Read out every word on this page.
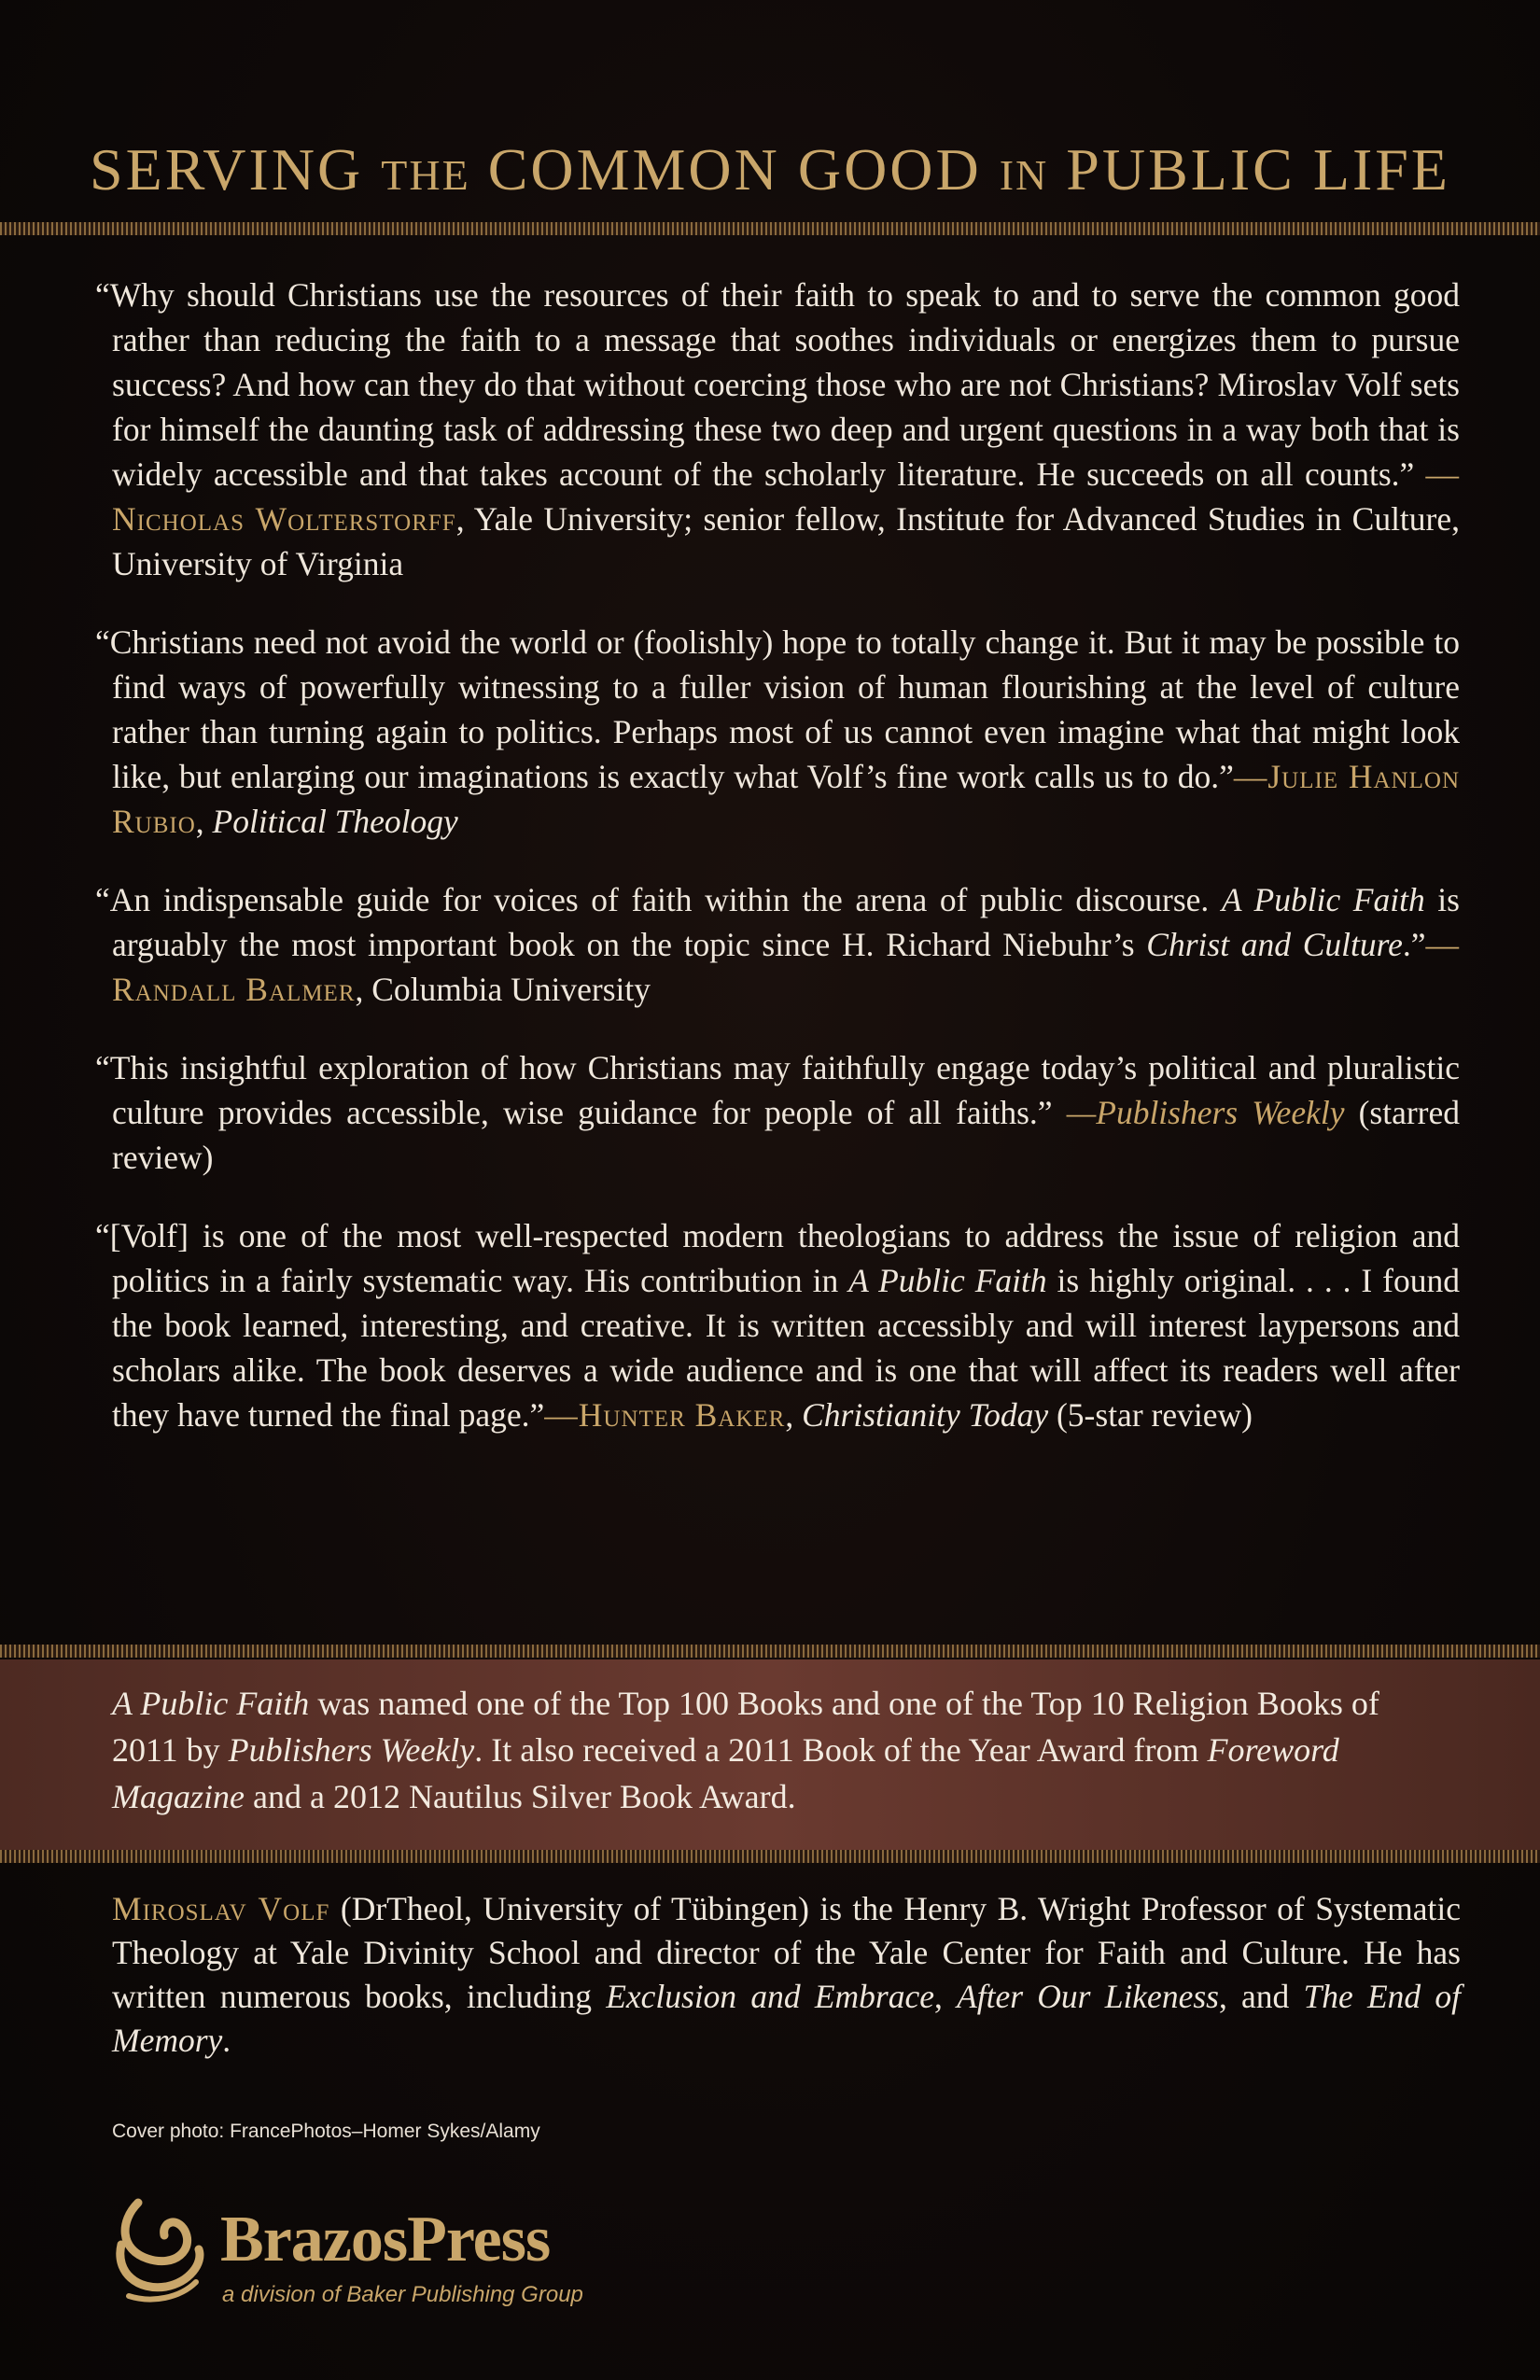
SERVING THE COMMON GOOD IN PUBLIC LIFE
“Why should Christians use the resources of their faith to speak to and to serve the common good rather than reducing the faith to a message that soothes individuals or energizes them to pursue success? And how can they do that without coercing those who are not Christians? Miroslav Volf sets for himself the daunting task of addressing these two deep and urgent questions in a way both that is widely accessible and that takes account of the scholarly literature. He succeeds on all counts.” —Nicholas Wolterstorff, Yale University; senior fellow, Institute for Advanced Studies in Culture, University of Virginia
“Christians need not avoid the world or (foolishly) hope to totally change it. But it may be possible to find ways of powerfully witnessing to a fuller vision of human flourishing at the level of culture rather than turning again to politics. Perhaps most of us cannot even imagine what that might look like, but enlarging our imaginations is exactly what Volf’s fine work calls us to do.”—Julie Hanlon Rubio, Political Theology
“An indispensable guide for voices of faith within the arena of public discourse. A Public Faith is arguably the most important book on the topic since H. Richard Niebuhr’s Christ and Culture.”—Randall Balmer, Columbia University
“This insightful exploration of how Christians may faithfully engage today’s political and pluralistic culture provides accessible, wise guidance for people of all faiths.” —Publishers Weekly (starred review)
“[Volf] is one of the most well-respected modern theologians to address the issue of religion and politics in a fairly systematic way. His contribution in A Public Faith is highly original. . . . I found the book learned, interesting, and creative. It is written accessibly and will interest laypersons and scholars alike. The book deserves a wide audience and is one that will affect its readers well after they have turned the final page.”—Hunter Baker, Christianity Today (5-star review)
A Public Faith was named one of the Top 100 Books and one of the Top 10 Religion Books of 2011 by Publishers Weekly. It also received a 2011 Book of the Year Award from Foreword Magazine and a 2012 Nautilus Silver Book Award.
Miroslav Volf (DrTheol, University of Tübingen) is the Henry B. Wright Professor of Systematic Theology at Yale Divinity School and director of the Yale Center for Faith and Culture. He has written numerous books, including Exclusion and Embrace, After Our Likeness, and The End of Memory.
Cover photo: FrancePhotos–Homer Sykes/Alamy
BrazosPress
a division of Baker Publishing Group
